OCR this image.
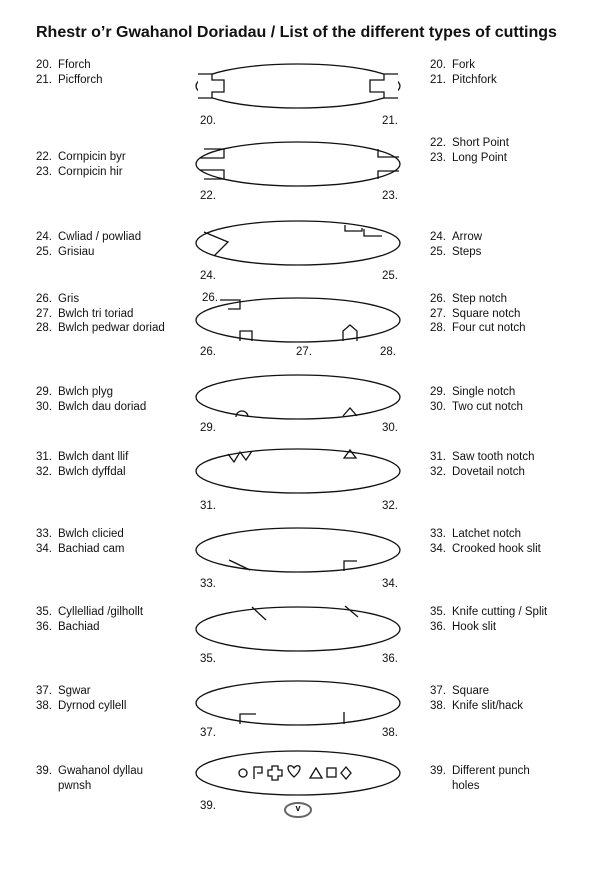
Rhestr o’r Gwahanol Doriadau / List of the different types of cuttings
20. Fforch
21. Picfforch
20. Fork
21. Pitchfork
20.	21.
22. Cornpicin byr
23. Cornpicin hir
22. Short Point
23. Long Point
22.	23.
24. Cwliad / powliad
25. Grisiau
24. Arrow
25. Steps
24.	25.
26. Gris
27. Bwlch tri toriad
28. Bwlch pedwar doriad
26. Step notch
27. Square notch
28. Four cut notch
26.
26.	27.	28.
29. Bwlch plyg
30. Bwlch dau doriad
29. Single notch
30. Two cut notch
29.	30.
31. Bwlch dant llif
32. Bwlch dyffdal
31. Saw tooth notch
32. Dovetail notch
31.	32.
33. Bwlch clicied
34. Bachiad cam
33. Latchet notch
34. Crooked hook slit
33.	34.
35. Cyllelliad /gilhollt
36. Bachiad
35. Knife cutting / Split
36. Hook slit
35.	36.
37. Sgwar
38. Dyrnod cyllell
37. Square
38. Knife slit/hack
37.	38.
39. Gwahanol dyllau pwnsh
39. Different punch holes
39.	v
